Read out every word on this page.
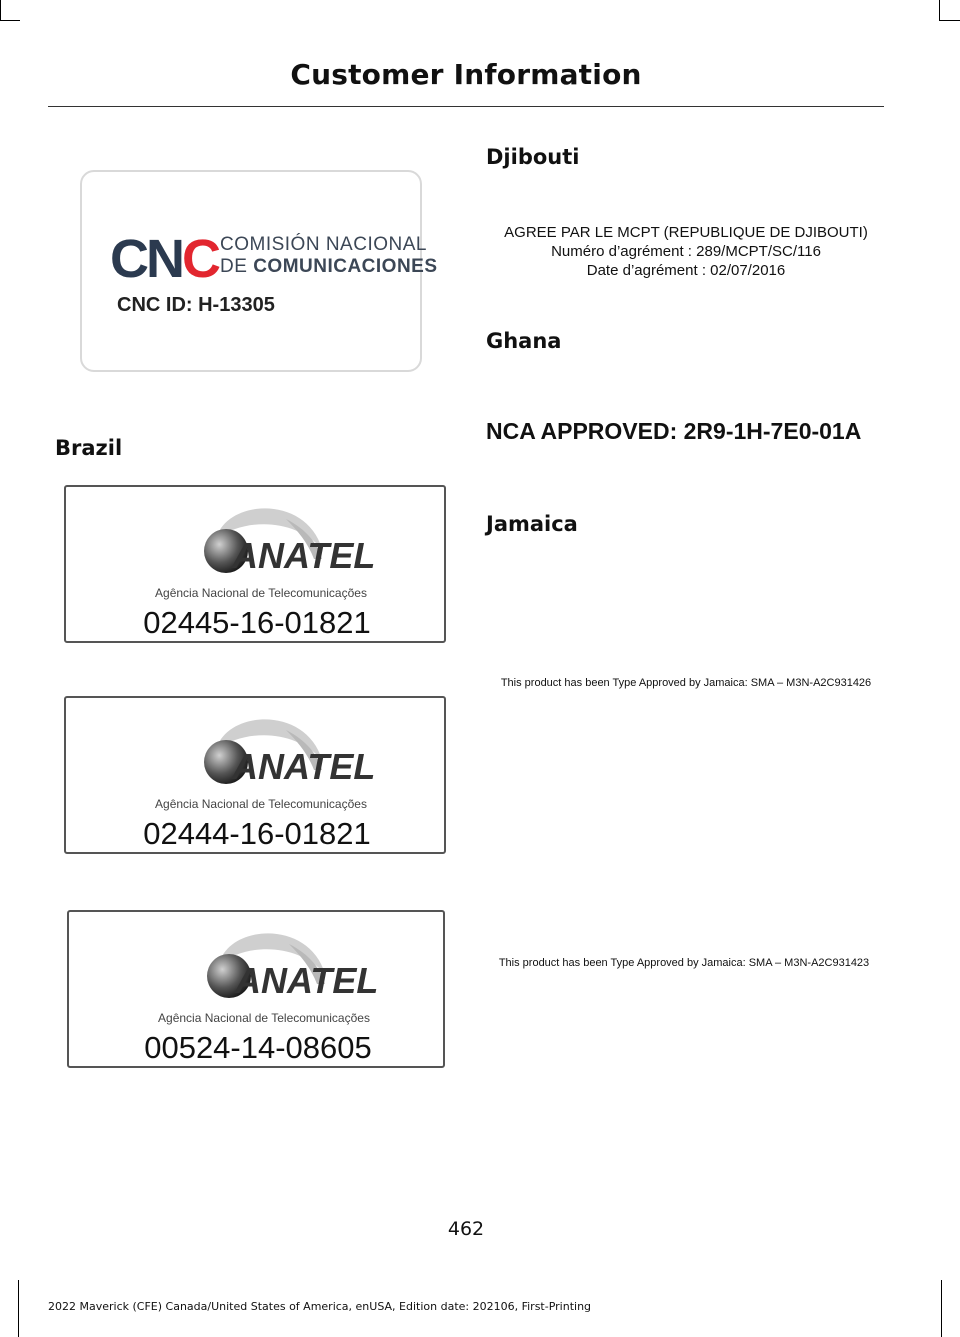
Customer Information
CNC COMISIÓN NACIONAL
DE COMUNICACIONES
CNC ID: H-13305
Brazil
ANATEL
Agência Nacional de Telecomunicações
02445-16-01821
ANATEL
Agência Nacional de Telecomunicações
02444-16-01821
ANATEL
Agência Nacional de Telecomunicações
00524-14-08605
Djibouti
AGREE PAR LE MCPT (REPUBLIQUE DE DJIBOUTI)
Numéro d’agrément : 289/MCPT/SC/116
Date d’agrément : 02/07/2016
Ghana
NCA APPROVED: 2R9-1H-7E0-01A
Jamaica
This product has been Type Approved by Jamaica: SMA – M3N-A2C931426
This product has been Type Approved by Jamaica: SMA – M3N-A2C931423
462
2022 Maverick (CFE) Canada/United States of America, enUSA, Edition date: 202106, First-Printing
